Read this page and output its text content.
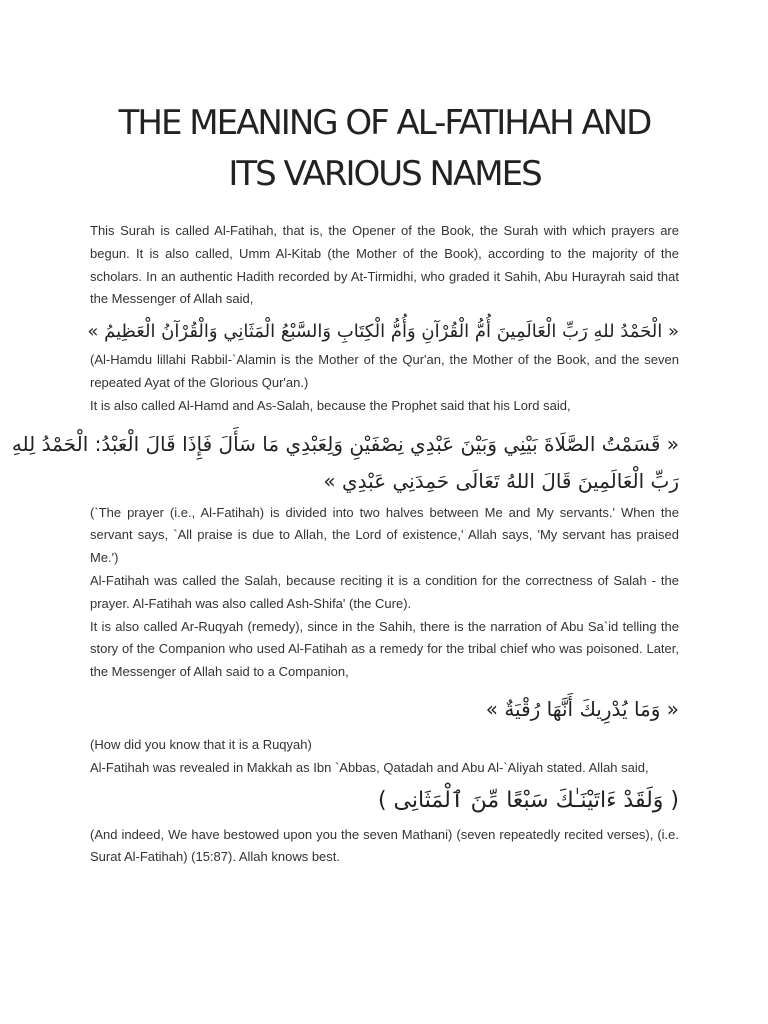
THE MEANING OF AL-FATIHAH AND
ITS VARIOUS NAMES

This Surah is called Al-Fatihah, that is, the Opener of the Book, the Surah with which prayers are begun. It is also called, Umm Al-Kitab (the Mother of the Book), according to the majority of the scholars. In an authentic Hadith recorded by At-Tirmidhi, who graded it Sahih, Abu Hurayrah said that the Messenger of Allah said,

« الْحَمْدُ للهِ رَبِّ الْعَالَمِينَ أُمُّ الْقُرْآنِ وَأُمُّ الْكِتَابِ وَالسَّبْعُ الْمَثَانِي وَالْقُرْآنُ الْعَظِيمُ »

(Al-Hamdu lillahi Rabbil-`Alamin is the Mother of the Qur'an, the Mother of the Book, and the seven repeated Ayat of the Glorious Qur'an.)

It is also called Al-Hamd and As-Salah, because the Prophet said that his Lord said,

« قَسَمْتُ الصَّلَاةَ بَيْنِي وَبَيْنَ عَبْدِي نِصْفَيْنِ وَلِعَبْدِي مَا سَأَلَ فَإِذَا قَالَ الْعَبْدُ: الْحَمْدُ لِلهِ

رَبِّ الْعَالَمِينَ قَالَ اللهُ تَعَالَى حَمِدَنِي عَبْدِي »

(`The prayer (i.e., Al-Fatihah) is divided into two halves between Me and My servants.' When the servant says, `All praise is due to Allah, the Lord of existence,' Allah says, 'My servant has praised Me.')

Al-Fatihah was called the Salah, because reciting it is a condition for the correctness of Salah - the prayer. Al-Fatihah was also called Ash-Shifa' (the Cure).

It is also called Ar-Ruqyah (remedy), since in the Sahih, there is the narration of Abu Sa`id telling the story of the Companion who used Al-Fatihah as a remedy for the tribal chief who was poisoned. Later, the Messenger of Allah said to a Companion,

« وَمَا يُدْرِيكَ أَنَّهَا رُقْيَةٌ »

(How did you know that it is a Ruqyah)

Al-Fatihah was revealed in Makkah as Ibn `Abbas, Qatadah and Abu Al-`Aliyah stated. Allah said,

( وَلَقَدْ ءَاتَيْنَـٰكَ سَبْعًا مِّنَ ٱلْمَثَانِى )

(And indeed, We have bestowed upon you the seven Mathani) (seven repeatedly recited verses), (i.e. Surat Al-Fatihah) (15:87). Allah knows best.
